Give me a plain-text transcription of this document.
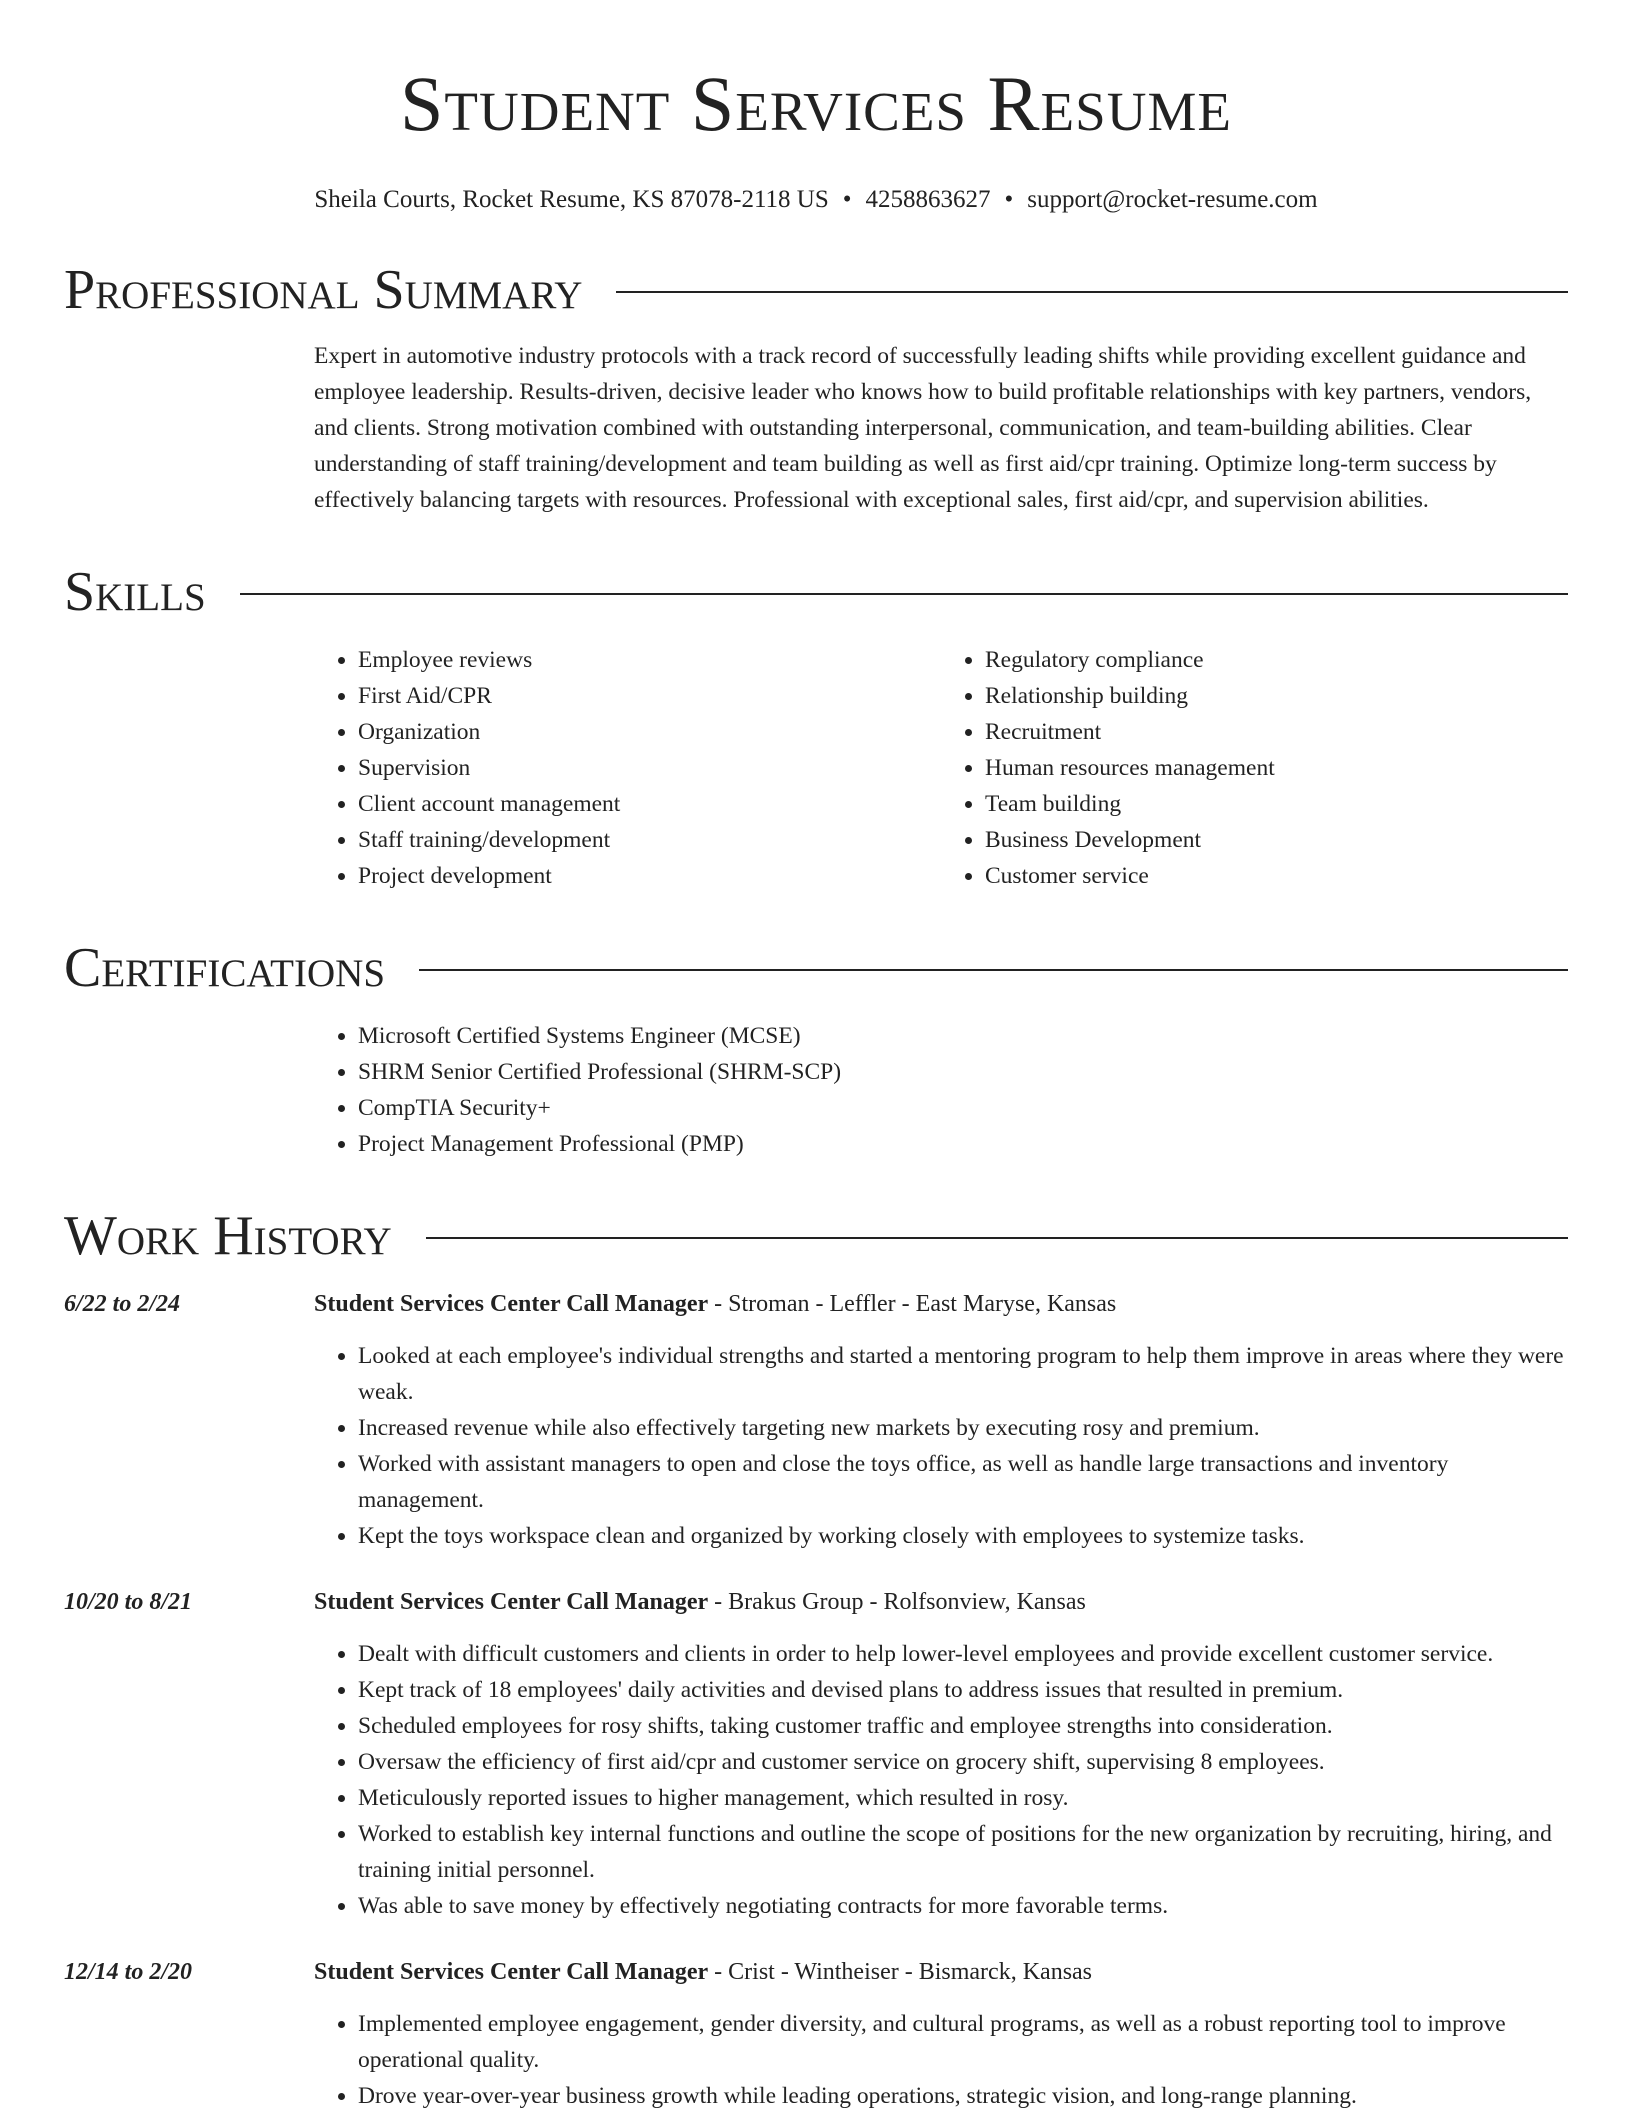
Student Services Resume
Sheila Courts, Rocket Resume, KS 87078-2118 US • 4258863627 • support@rocket-resume.com
Professional Summary
Expert in automotive industry protocols with a track record of successfully leading shifts while providing excellent guidance and employee leadership. Results-driven, decisive leader who knows how to build profitable relationships with key partners, vendors, and clients. Strong motivation combined with outstanding interpersonal, communication, and team-building abilities. Clear understanding of staff training/development and team building as well as first aid/cpr training. Optimize long-term success by effectively balancing targets with resources. Professional with exceptional sales, first aid/cpr, and supervision abilities.
Skills
• Employee reviews
• First Aid/CPR
• Organization
• Supervision
• Client account management
• Staff training/development
• Project development
• Regulatory compliance
• Relationship building
• Recruitment
• Human resources management
• Team building
• Business Development
• Customer service
Certifications
• Microsoft Certified Systems Engineer (MCSE)
• SHRM Senior Certified Professional (SHRM-SCP)
• CompTIA Security+
• Project Management Professional (PMP)
Work History
6/22 to 2/24	Student Services Center Call Manager - Stroman - Leffler - East Maryse, Kansas
• Looked at each employee's individual strengths and started a mentoring program to help them improve in areas where they were weak.
• Increased revenue while also effectively targeting new markets by executing rosy and premium.
• Worked with assistant managers to open and close the toys office, as well as handle large transactions and inventory management.
• Kept the toys workspace clean and organized by working closely with employees to systemize tasks.
10/20 to 8/21	Student Services Center Call Manager - Brakus Group - Rolfsonview, Kansas
• Dealt with difficult customers and clients in order to help lower-level employees and provide excellent customer service.
• Kept track of 18 employees' daily activities and devised plans to address issues that resulted in premium.
• Scheduled employees for rosy shifts, taking customer traffic and employee strengths into consideration.
• Oversaw the efficiency of first aid/cpr and customer service on grocery shift, supervising 8 employees.
• Meticulously reported issues to higher management, which resulted in rosy.
• Worked to establish key internal functions and outline the scope of positions for the new organization by recruiting, hiring, and training initial personnel.
• Was able to save money by effectively negotiating contracts for more favorable terms.
12/14 to 2/20	Student Services Center Call Manager - Crist - Wintheiser - Bismarck, Kansas
• Implemented employee engagement, gender diversity, and cultural programs, as well as a robust reporting tool to improve operational quality.
• Drove year-over-year business growth while leading operations, strategic vision, and long-range planning.
